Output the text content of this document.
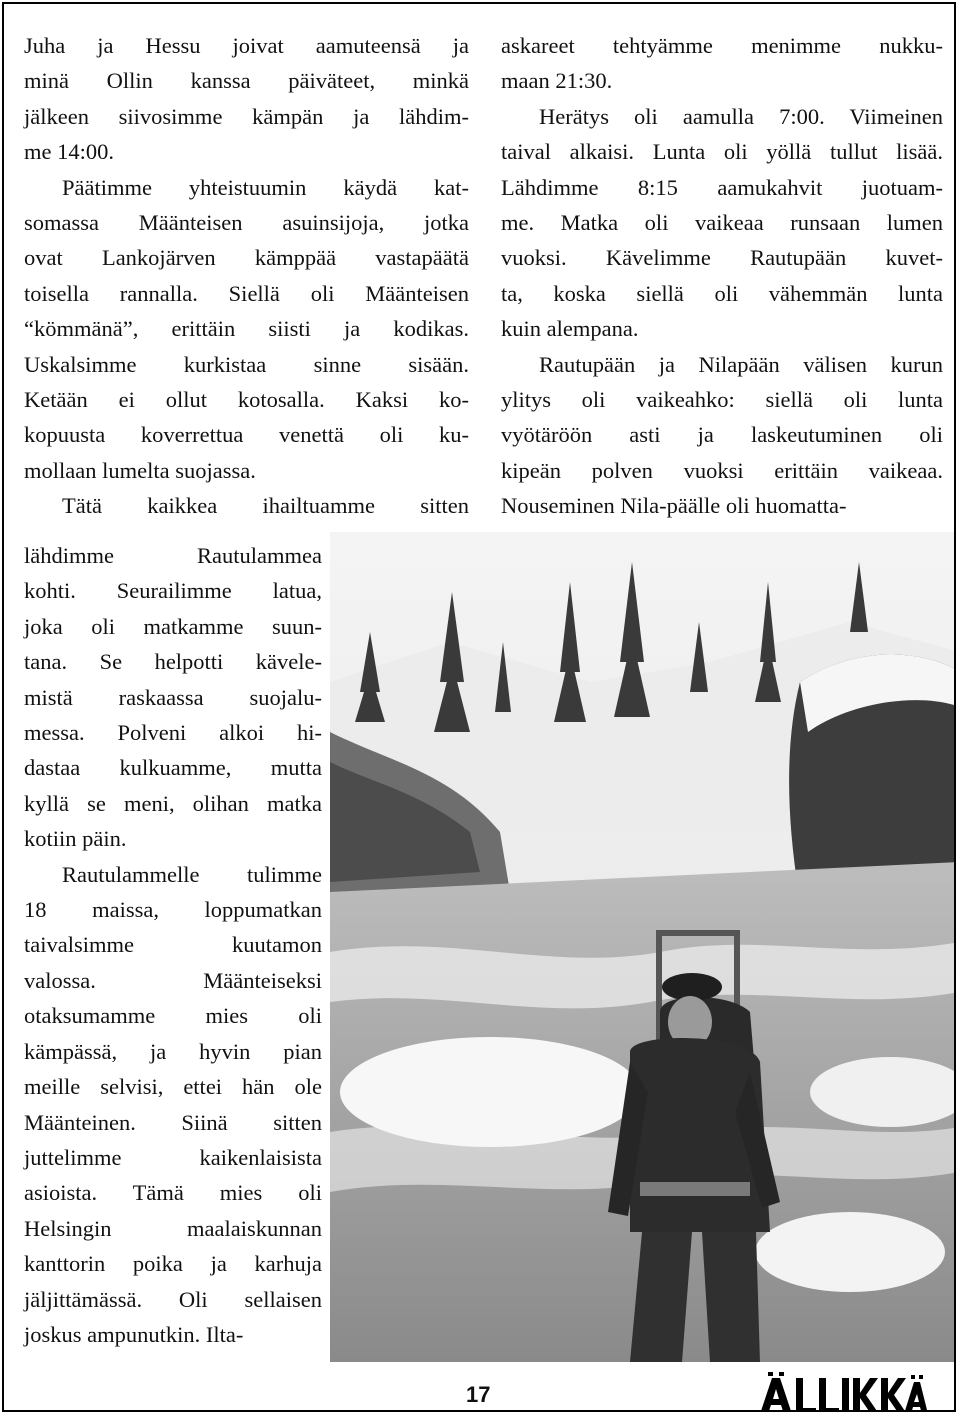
Juha ja Hessu joivat aamuteensä ja
minä Ollin kanssa päiväteet, minkä
jälkeen siivosimme kämpän ja lähdim-
me 14:00.
Päätimme yhteistuumin käydä kat-
somassa Määnteisen asuinsijoja, jotka
ovat Lankojärven kämppää vastapäätä
toisella rannalla. Siellä oli Määnteisen
“kömmänä”, erittäin siisti ja kodikas.
Uskalsimme kurkistaa sinne sisään.
Ketään ei ollut kotosalla. Kaksi ko-
kopuusta koverrettua venettä oli ku-
mollaan lumelta suojassa.
Tätä kaikkea ihailtuamme sitten
lähdimme Rautulammea
kohti. Seurailimme latua,
joka oli matkamme suun-
tana. Se helpotti kävele-
mistä raskaassa suojalu-
messa. Polveni alkoi hi-
dastaa kulkuamme, mutta
kyllä se meni, olihan matka
kotiin päin.
Rautulammelle tulimme
18 maissa, loppumatkan
taivalsimme kuutamon
valossa. Määnteiseksi
otaksumamme mies oli
kämpässä, ja hyvin pian
meille selvisi, ettei hän ole
Määnteinen. Siinä sitten
juttelimme kaikenlaisista
asioista. Tämä mies oli
Helsingin maalaiskunnan
kanttorin poika ja karhuja
jäljittämässä. Oli sellaisen
joskus ampunutkin. Ilta-
askareet tehtyämme menimme nukku-
maan 21:30.
Herätys oli aamulla 7:00. Viimeinen
taival alkaisi. Lunta oli yöllä tullut lisää.
Lähdimme 8:15 aamukahvit juotuam-
me. Matka oli vaikeaa runsaan lumen
vuoksi. Kävelimme Rautupään kuvet-
ta, koska siellä oli vähemmän lunta
kuin alempana.
Rautupään ja Nilapään välisen kurun
ylitys oli vaikeahko: siellä oli lunta
vyötäröön asti ja laskeutuminen oli
kipeän polven vuoksi erittäin vaikeaa.
Nouseminen Nila-päälle oli huomatta-
17
